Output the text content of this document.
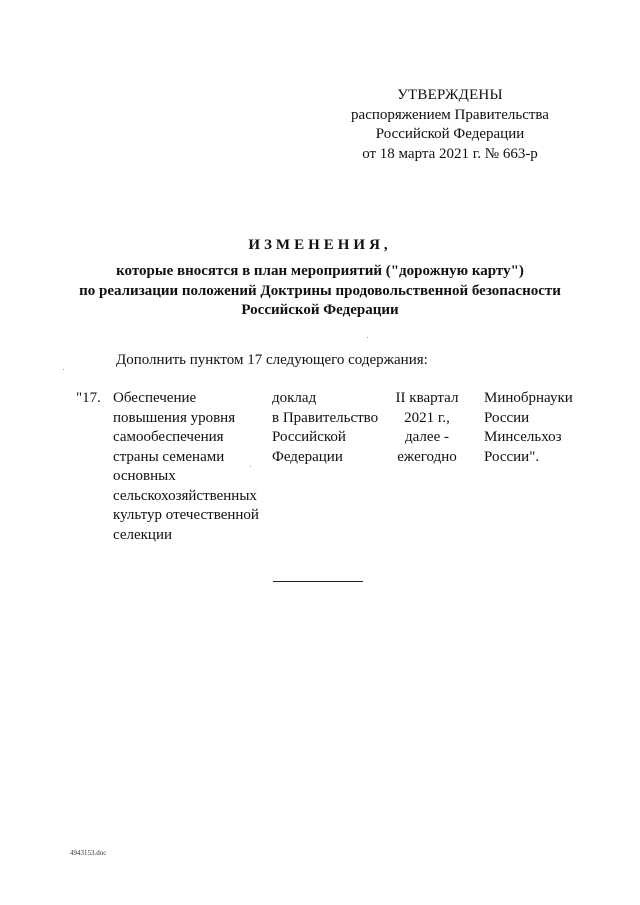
УТВЕРЖДЕНЫ
распоряжением Правительства
Российской Федерации
от 18 марта 2021 г. № 663-р
ИЗМЕНЕНИЯ,
которые вносятся в план мероприятий ("дорожную карту")
по реализации положений Доктрины продовольственной безопасности
Российской Федерации
Дополнить пунктом 17 следующего содержания:
"17. Обеспечение
повышения уровня
самообеспечения
страны семенами
основных
сельскохозяйственных
культур отечественной
селекции
доклад
в Правительство
Российской
Федерации
II квартал
2021 г.,
далее -
ежегодно
Минобрнауки
России
Минсельхоз
России".
4943153.doc
